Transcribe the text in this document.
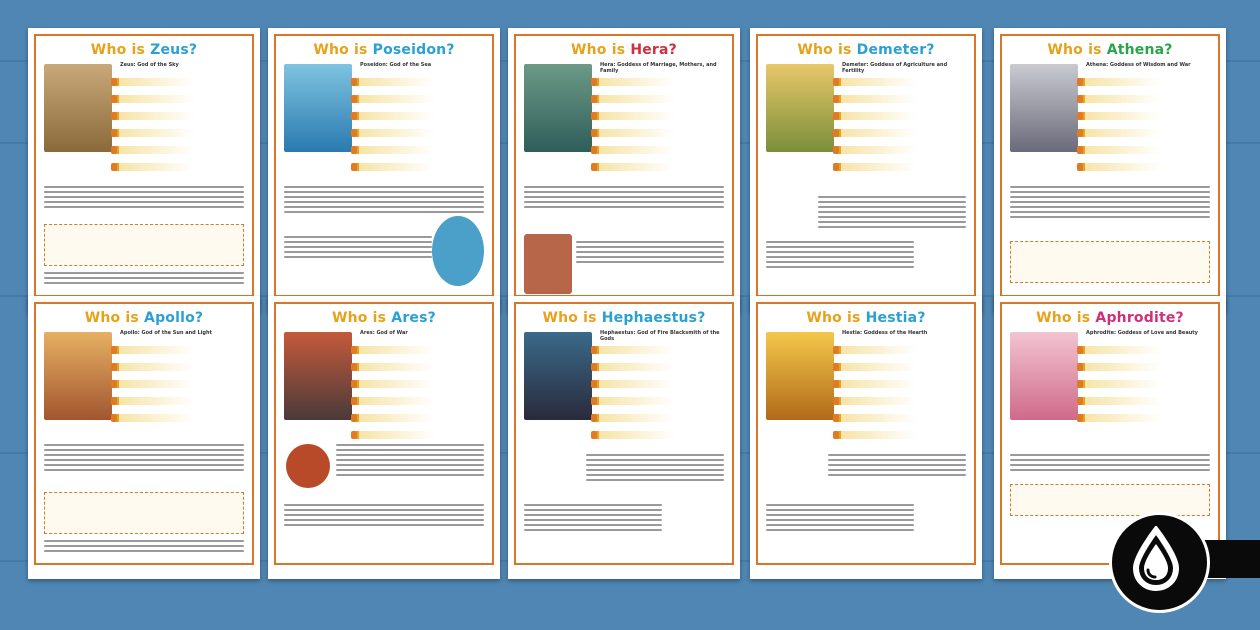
Who is Zeus?
Zeus: God of the Sky
Who is Poseidon?
Poseidon: God of the Sea
Who is Hera?
Hera: Goddess of Marriage, Mothers, and Family
Who is Demeter?
Demeter: Goddess of Agriculture and Fertility
Who is Athena?
Athena: Goddess of Wisdom and War
Who is Apollo?
Apollo: God of the Sun and Light
Who is Ares?
Ares: God of War
Who is Hephaestus?
Hephaestus: God of Fire Blacksmith of the Gods
Who is Hestia?
Hestia: Goddess of the Hearth
Who is Aphrodite?
Aphrodite: Goddess of Love and Beauty
